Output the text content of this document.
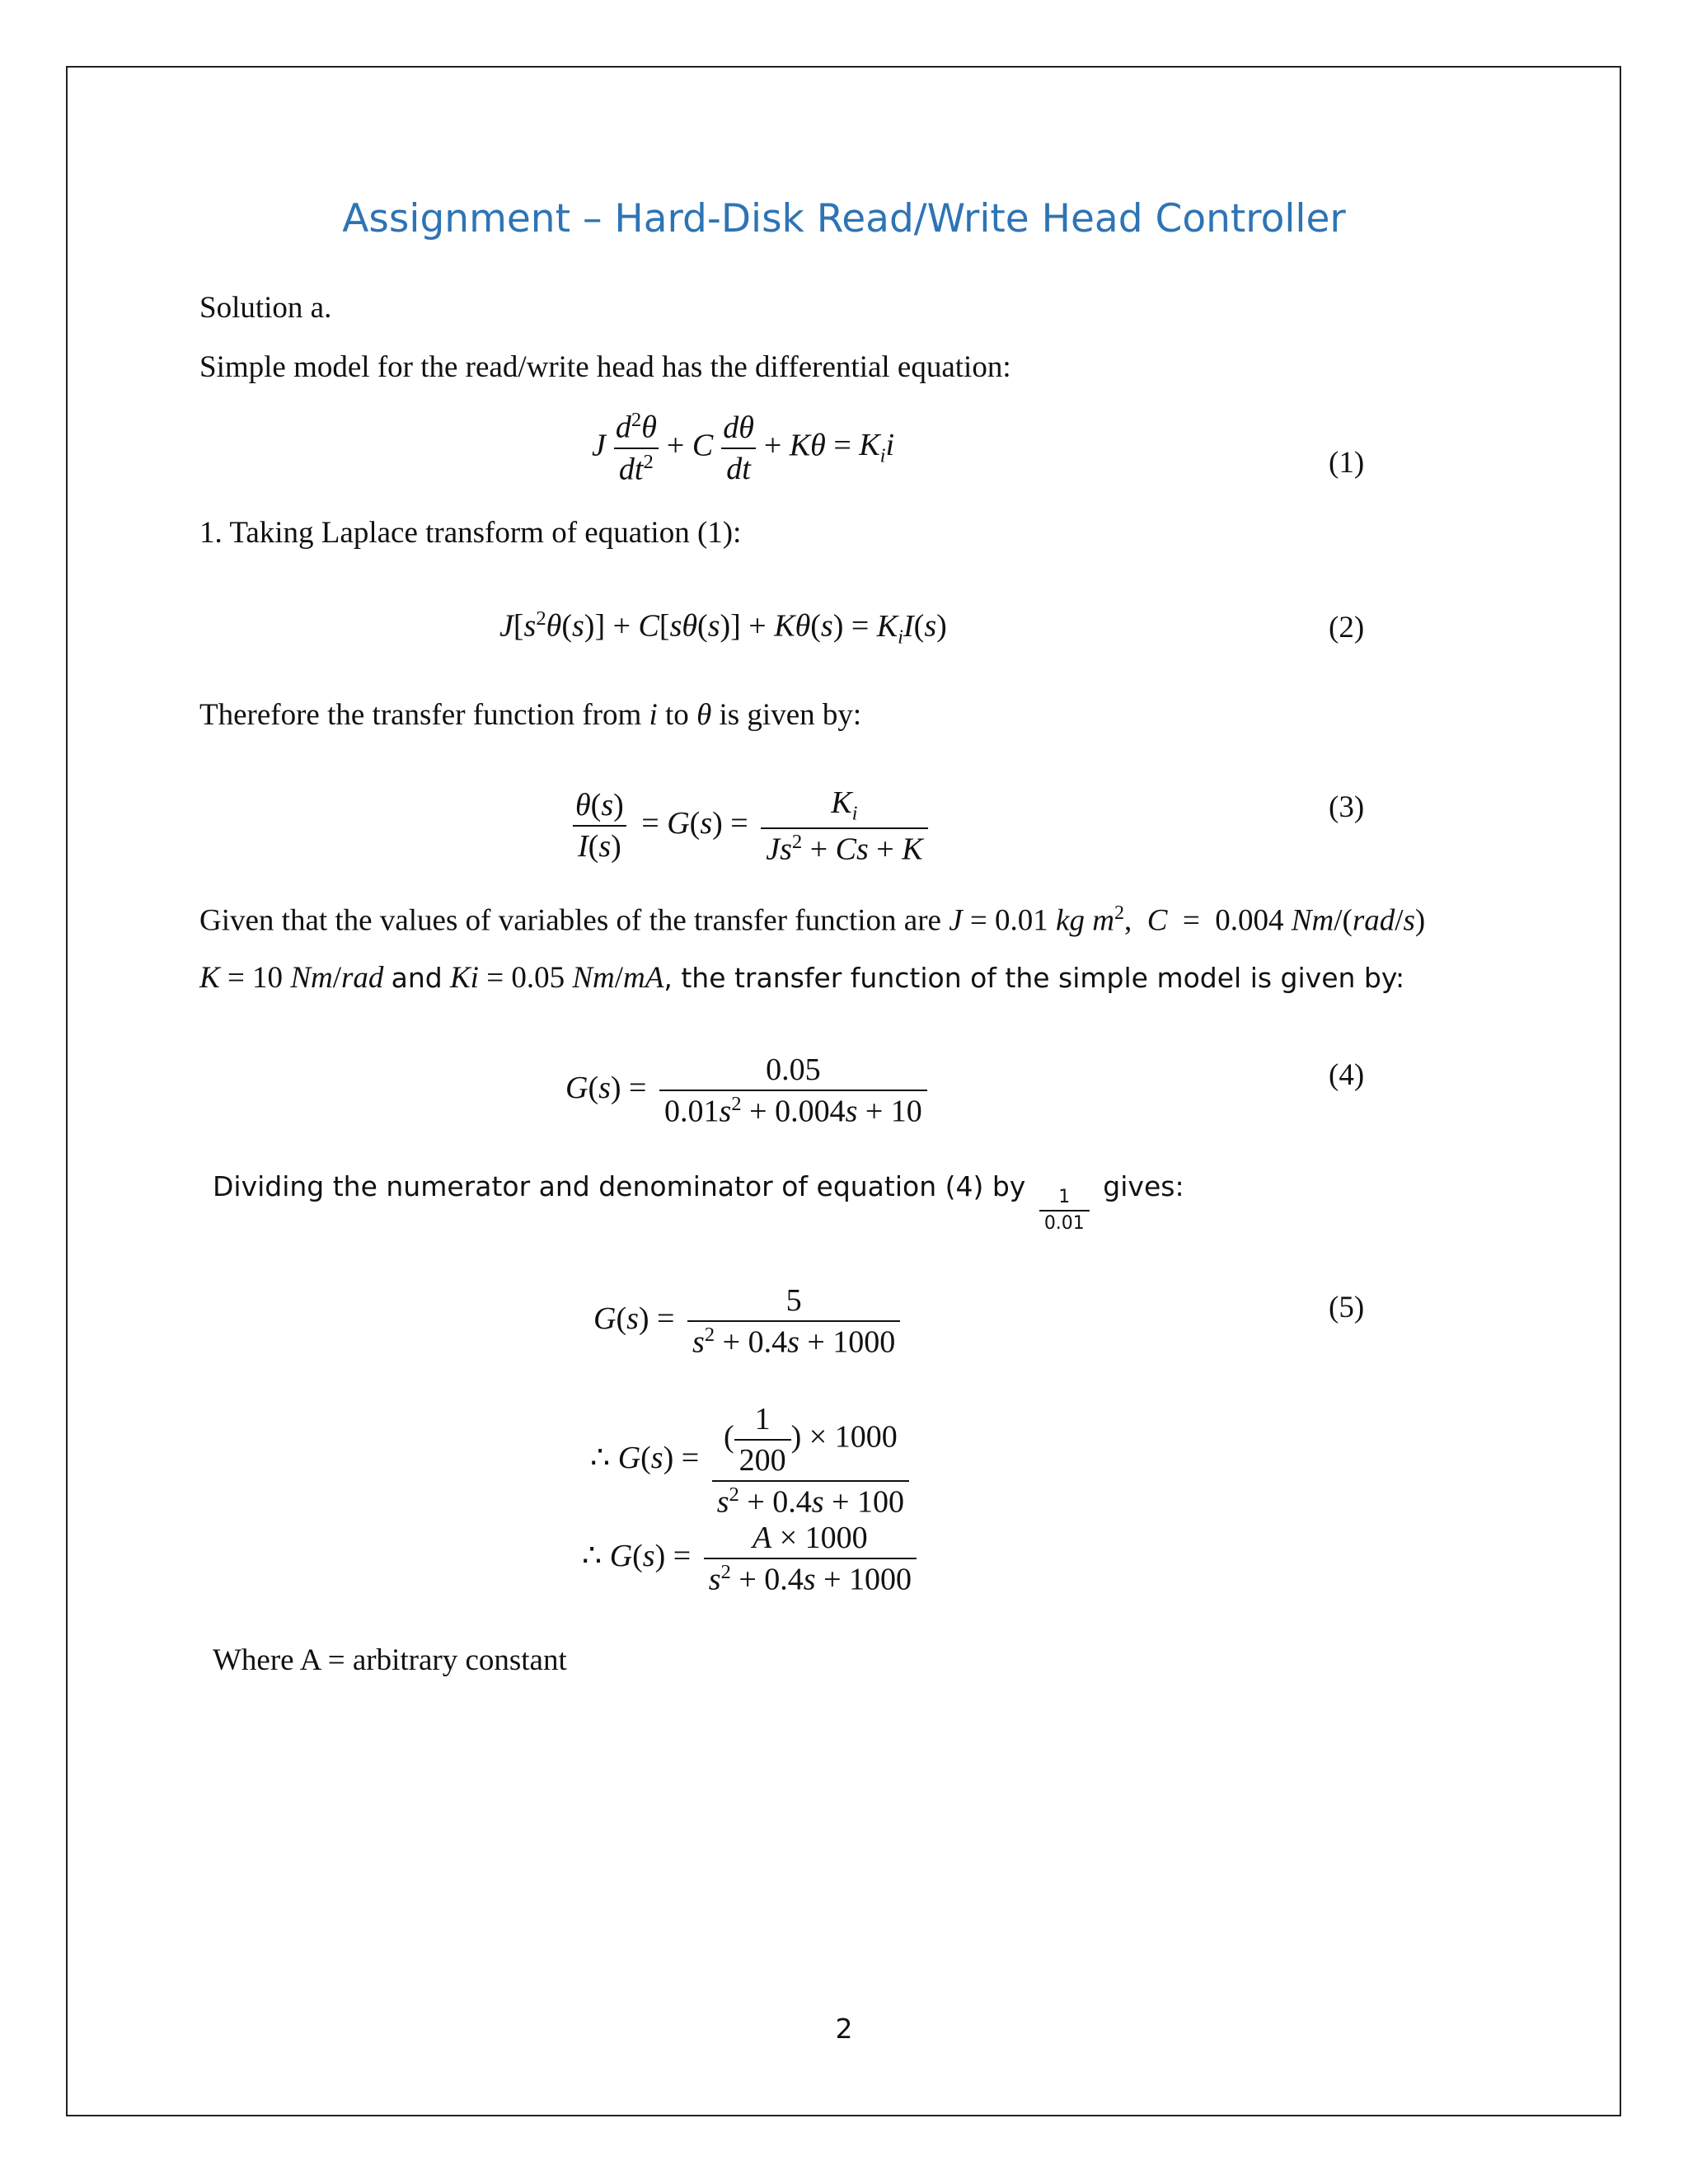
Assignment – Hard-Disk Read/Write Head Controller
Solution a.
Simple model for the read/write head has the differential equation:
J $\frac{d^2\theta}{dt^2} + C \frac{d\theta}{dt} + K\theta = K_ii$
(1)
1. Taking Laplace transform of equation (1):
$J[s^2\theta(s)] + C[s\theta(s)] + K\theta(s) = K_iI(s)$	(2)
Therefore the transfer function from i to θ is given by:
$\frac{\theta(s)}{I(s)} = G(s) = \frac{K_i}{Js^2 + Cs + K}$	(3)
Given that the values of variables of the transfer function are J = 0.01 kg $m^2$,  C  =  0.004 Nm/(rad/s)
K = 10 Nm/rad and Ki = 0.05 Nm/mA, the transfer function of the simple model is given by:
$G(s) = \frac{0.05}{0.01s^2 + 0.004s + 10}$	(4)
Dividing the numerator and denominator of equation (4) by
$\frac{1}{0.01}$
gives:
$G(s) = \frac{5}{s^2 + 0.4s + 1000}$	(5)
∴ $G(s) = \frac{( \frac{1}{200} ) \times 1000}{s^2 + 0.4s + 100}$
∴ $G(s) = \frac{A \times 1000}{s^2 + 0.4s + 1000}$
Where A = arbitrary constant
2
